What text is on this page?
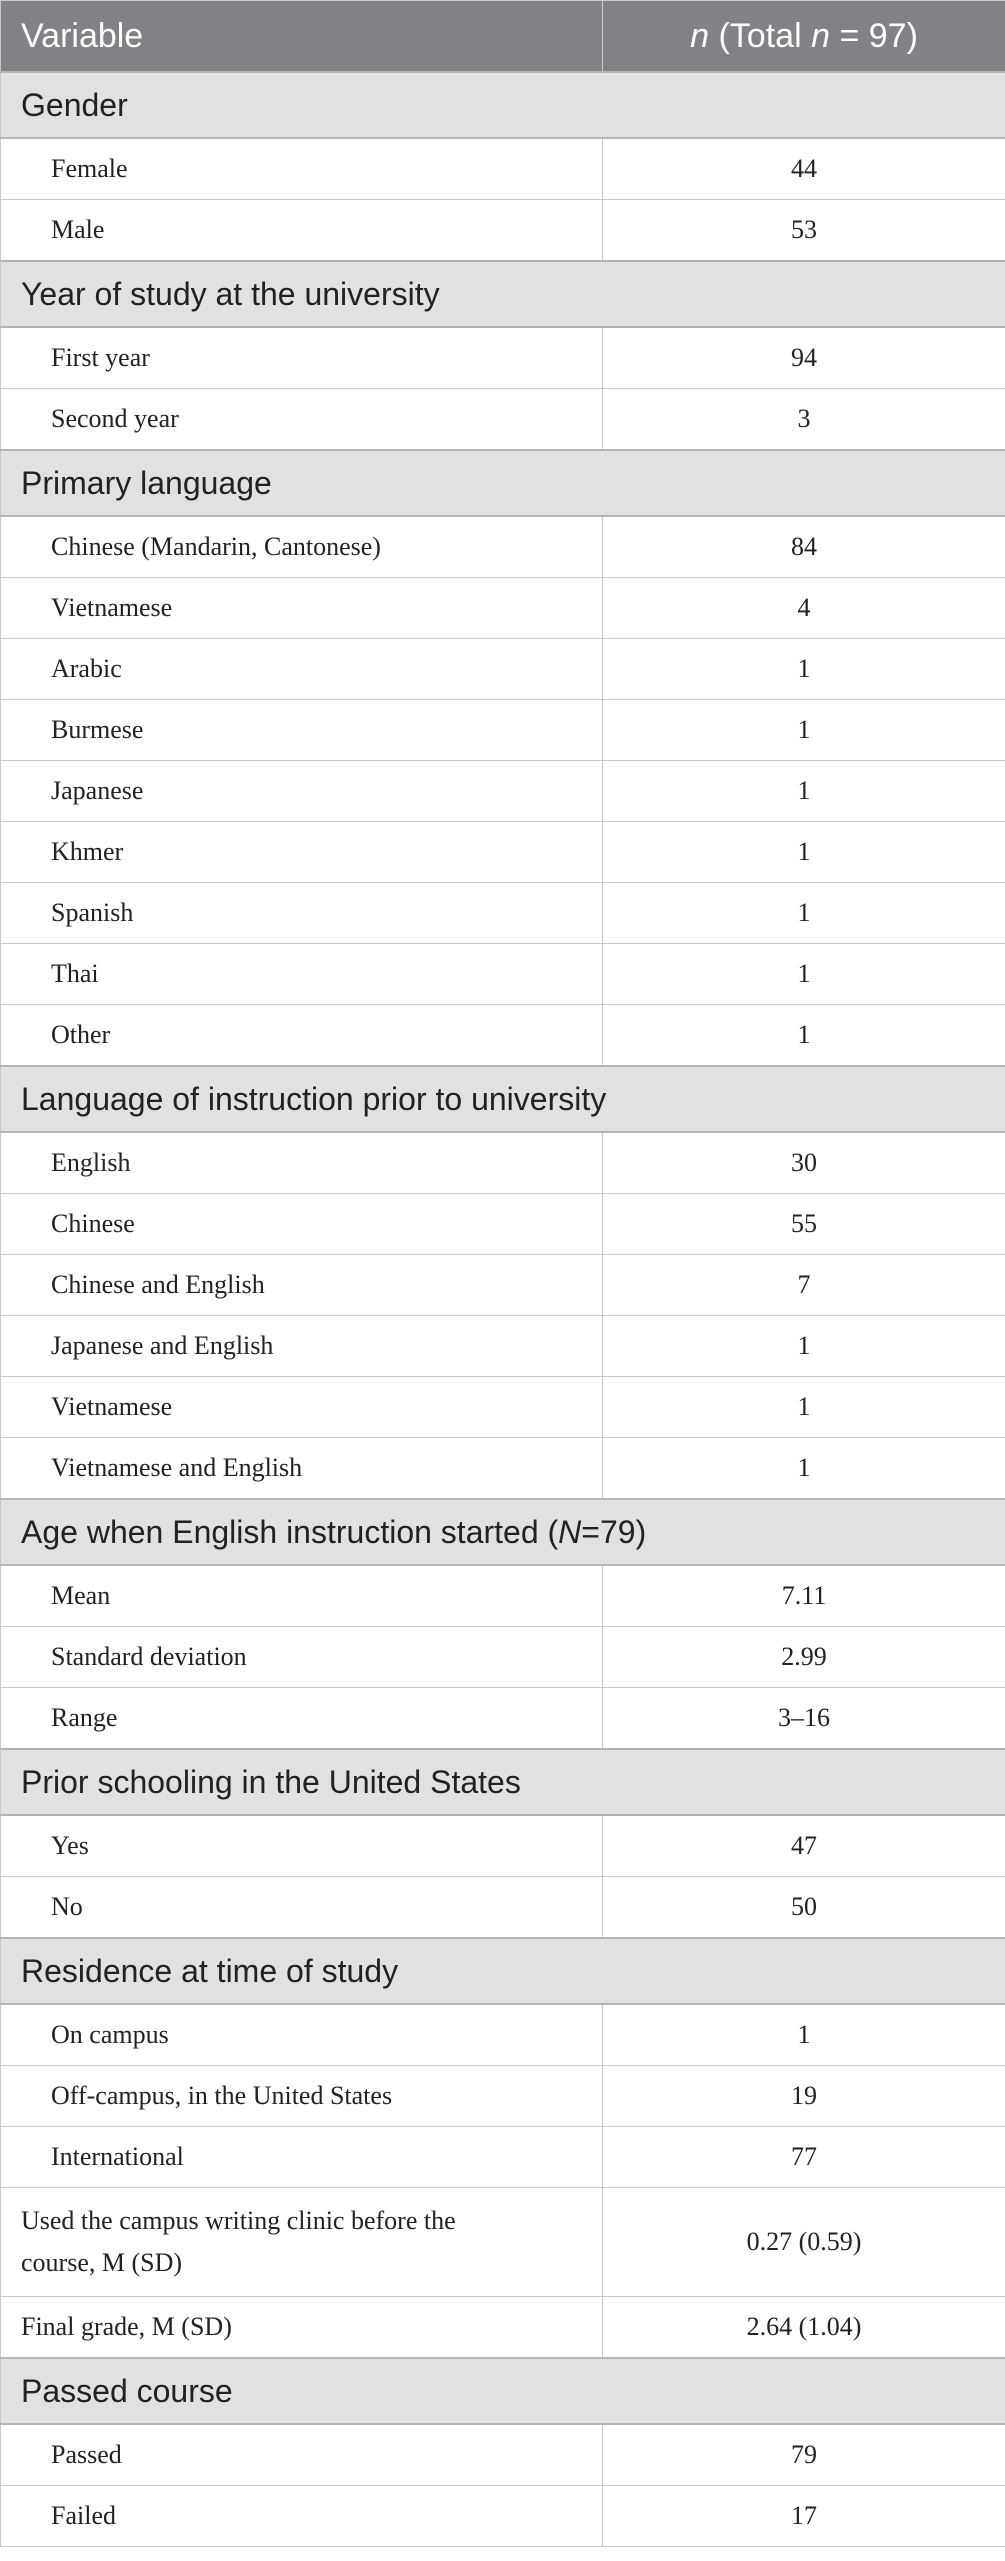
Variable	n (Total n = 97)
Gender	
Female	44
Male	53
Year of study at the university	
First year	94
Second year	3
Primary language	
Chinese (Mandarin, Cantonese)	84
Vietnamese	4
Arabic	1
Burmese	1
Japanese	1
Khmer	1
Spanish	1
Thai	1
Other	1
Language of instruction prior to university	
English	30
Chinese	55
Chinese and English	7
Japanese and English	1
Vietnamese	1
Vietnamese and English	1
Age when English instruction started (N=79)	
Mean	7.11
Standard deviation	2.99
Range	3–16
Prior schooling in the United States	
Yes	47
No	50
Residence at time of study	
On campus	1
Off-campus, in the United States	19
International	77
Used the campus writing clinic before the
course, M (SD)	0.27 (0.59)
Final grade, M (SD)	2.64 (1.04)
Passed course	
Passed	79
Failed	17
